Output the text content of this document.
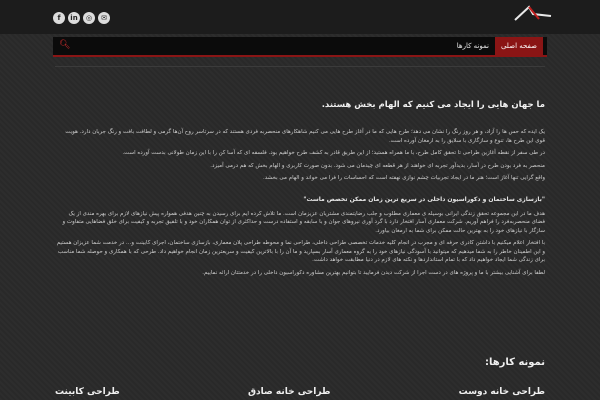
f	in	◎	✉
🔍︎	صفحه اصلی
نمونه کارها
ما جهان هایی را ایجاد می کنیم که الهام بخش هستند.

یک ایده که حس ها را آزاد، و هر روز رنگ را نشان می دهد؛ طرح هایی که ما در آغاز طرح هایی می کنیم شاهکارهای منحصربه فردی هستند که در سرتاسر روح آن‌ها گرمی و لطافت بافت و رنگ جریان دارد. هویت قوی این طرح ها، تنوع و سازگاری با سلایق را به ارمغان آورده است.

در طی سفر از نقطه آغازین طراحی تا تحقق کامل طرح، با ما همراه هستید؛ از این طریق قادر به کشف طرح خواهیم بود. فلسفه ای که آسا کن را با این زمان طولانی بدست آورده است.

منحصر به فرد بودن طرح در آسار، بدیدآور تجربه ای خواهند از هر قطعه ای چیدمان می شود. بدون صورت کاربری و الهام بخش که هم درمی آمیزد.

واقع گرایی تنها آغاز است؛ هنر ما در ایجاد تجربیات چشم نوازی نهفته است که احساسات را فرا می خواند و الهام می بخشد.

"بازسازی ساختمان و دکوراسیون داخلی در سریع ترین زمان ممکن تخصص ماست"

هدف ما در این مجموعه تحقق زندگی ایرانی بوسیله ی معماری مطلوب و جلب رضایتمندی مشتریان عزیزمان است. ما تلاش کرده ایم برای رسیدن به چنین هدفی همواره پیش نیازهای لازم برای بهره مندی از یک فضای منحصربه‌فرد را فراهم آوریم. شرکت معماری آسار افتخار دارد با گرد آوری نیروهای جوان و با سابقه و استفاده درست و حداکثری از توان همکاران خود و با تلفیق تجربه و کیفیت برای خلق فضاهایی متفاوت و سازگار با نیازهای خود را به بهترین حالت ممکن برای شما به ارمغان بیاورد.

با افتخار اعلام میکنیم با داشتن کادری حرفه ای و مجرب در انجام کلیه خدمات تخصصی طراحی داخلی، طراحی نما و محوطه طراحی پلان معماری، بازسازی ساختمان، اجرای کابینت و… در خدمت شما عزیزان هستیم و این اطمینان خاطر را به شما میدهیم که میتوانید با آسودگی نیازهای خود را به گروه معماری آسار بسپارید و ما آن را با بالاترین کیفیت و سریعترین زمان انجام خواهیم داد. طرحی که با همکاری و حوصله شما مناسب برای زندگی شما ایجاد خواهیم داد که با تمام استانداردها و نکته های لازم در دنیا مطابقت خواهد داشت.

لطفا برای آشنایی بیشتر با ما و پروژه های در دست اجرا از شرکت دیدن فرمایید تا بتوانیم بهترین مشاوره دکوراسیون داخلی را در خدمتتان ارائه نماییم.

نمونه کارها:
طراحی خانه دوست
طراحی خانه صادق
طراحی کابینت
